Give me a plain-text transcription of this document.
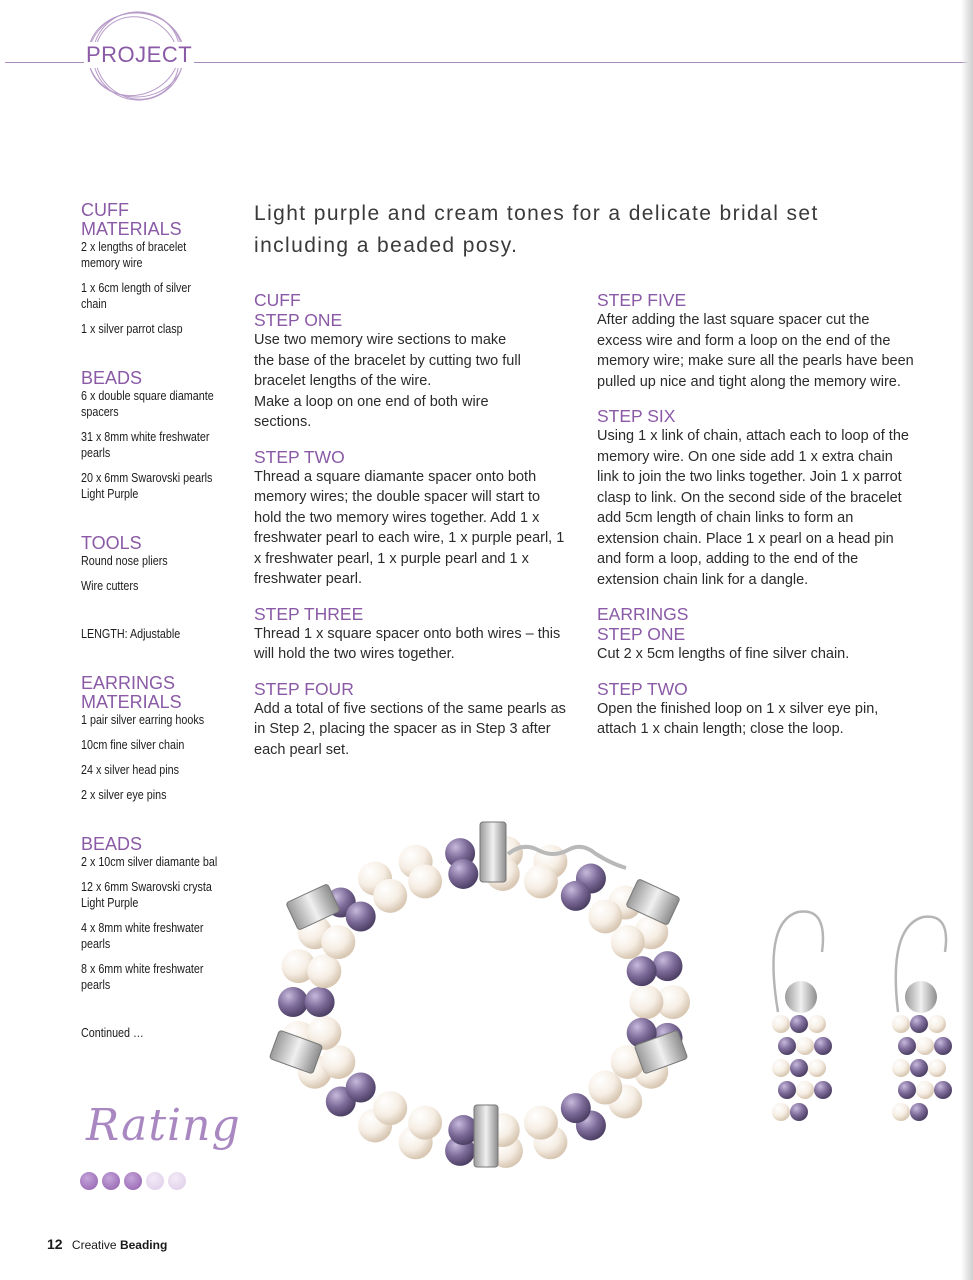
PROJECT
CUFF MATERIALS
2 x lengths of bracelet memory wire
1 x 6cm length of silver chain
1 x silver parrot clasp
BEADS
6 x double square diamante spacers
31 x 8mm white freshwater pearls
20 x 6mm Swarovski pearls Light Purple
TOOLS
Round nose pliers
Wire cutters
LENGTH: Adjustable
EARRINGS MATERIALS
1 pair silver earring hooks
10cm fine silver chain
24 x silver head pins
2 x silver eye pins
BEADS
2 x 10cm silver diamante bal
12 x 6mm Swarovski crysta Light Purple
4 x 8mm white freshwater pearls
8 x 6mm white freshwater pearls
Continued …
Rating
Light purple and cream tones for a delicate bridal set including a beaded posy.
CUFF
STEP ONE
Use two memory wire sections to make the base of the bracelet by cutting two full bracelet lengths of the wire.
Make a loop on one end of both wire sections.
STEP TWO
Thread a square diamante spacer onto both memory wires; the double spacer will start to hold the two memory wires together. Add 1 x freshwater pearl to each wire, 1 x purple pearl, 1 x freshwater pearl, 1 x purple pearl and 1 x freshwater pearl.
STEP THREE
Thread 1 x square spacer onto both wires – this will hold the two wires together.
STEP FOUR
Add a total of five sections of the same pearls as in Step 2, placing the spacer as in Step 3 after each pearl set.
STEP FIVE
After adding the last square spacer cut the excess wire and form a loop on the end of the memory wire; make sure all the pearls have been pulled up nice and tight along the memory wire.
STEP SIX
Using 1 x link of chain, attach each to loop of the memory wire. On one side add 1 x extra chain link to join the two links together. Join 1 x parrot clasp to link. On the second side of the bracelet add 5cm length of chain links to form an extension chain. Place 1 x pearl on a head pin and form a loop, adding to the end of the extension chain link for a dangle.
EARRINGS
STEP ONE
Cut 2 x 5cm lengths of fine silver chain.
STEP TWO
Open the finished loop on 1 x silver eye pin, attach 1 x chain length; close the loop.
12 Creative Beading
